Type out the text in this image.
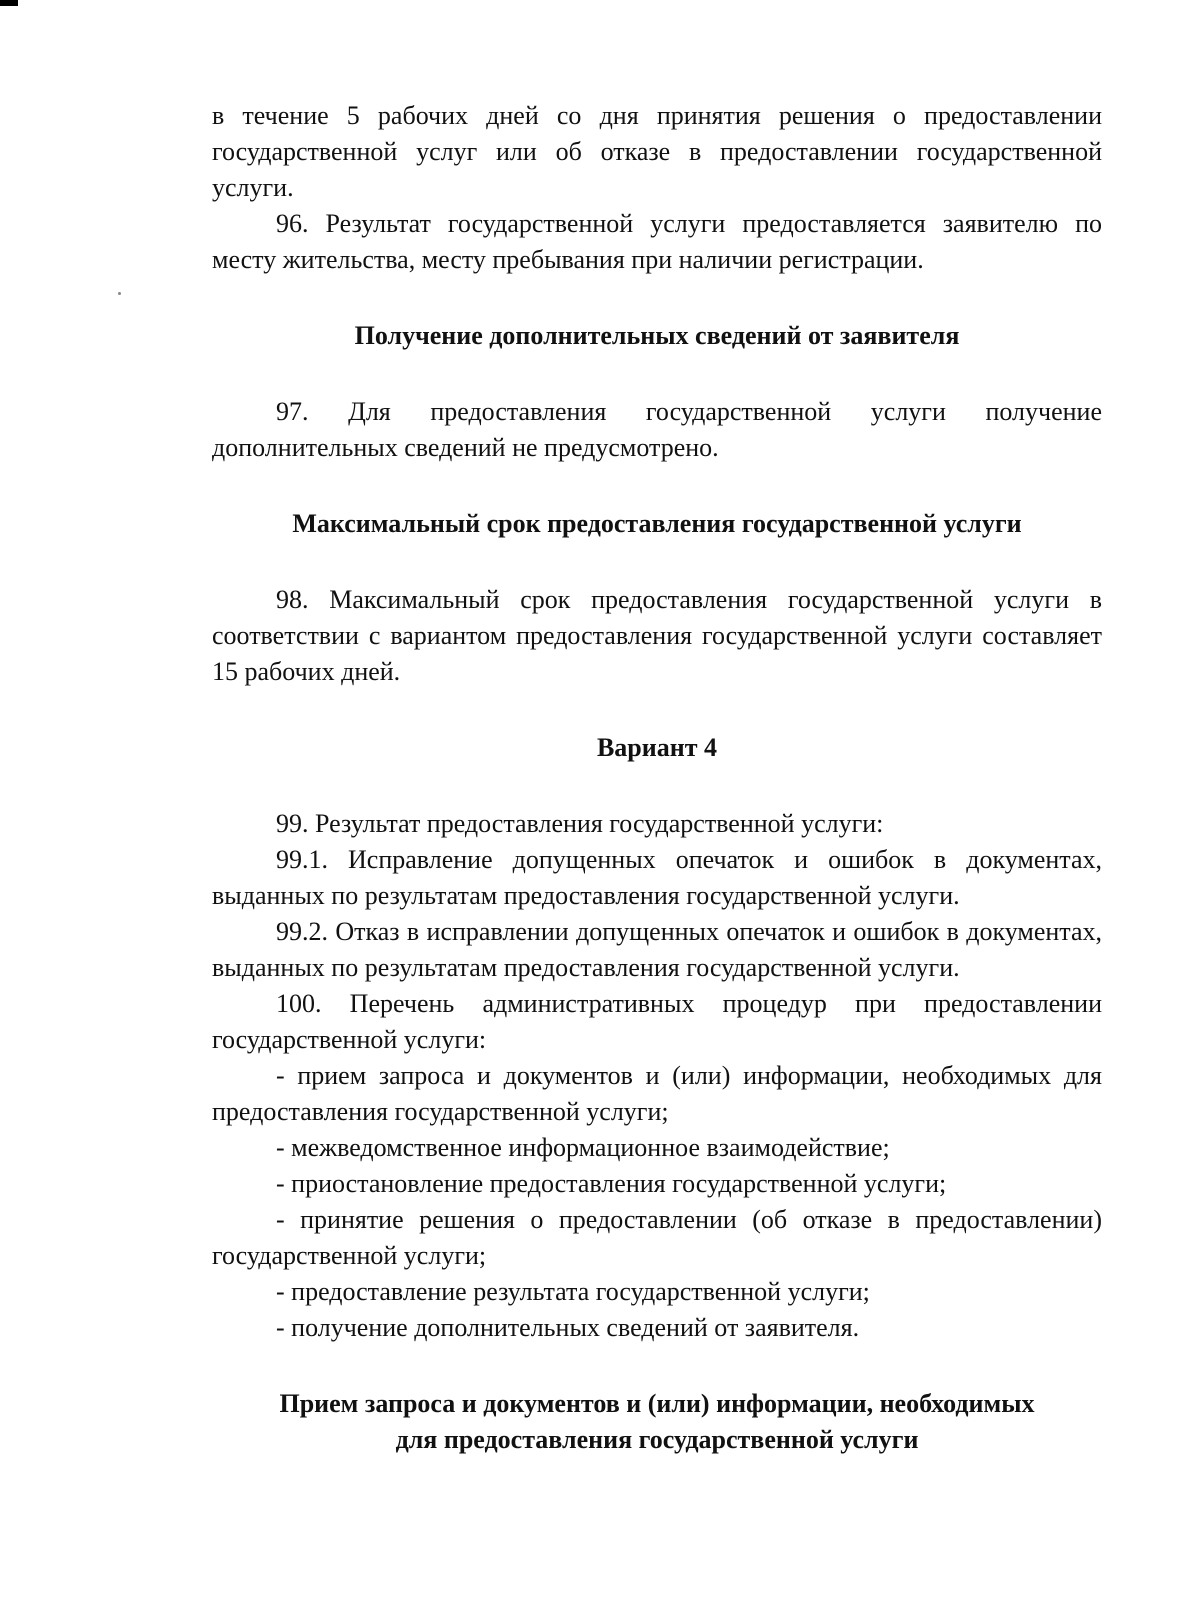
в течение 5 рабочих дней со дня принятия решения о предоставлении государственной услуг или об отказе в предоставлении государственной услуги.

96. Результат государственной услуги предоставляется заявителю по месту жительства, месту пребывания при наличии регистрации.

Получение дополнительных сведений от заявителя

97. Для предоставления государственной услуги получение дополнительных сведений не предусмотрено.

Максимальный срок предоставления государственной услуги

98. Максимальный срок предоставления государственной услуги в соответствии с вариантом предоставления государственной услуги составляет 15 рабочих дней.

Вариант 4

99. Результат предоставления государственной услуги:

99.1. Исправление допущенных опечаток и ошибок в документах, выданных по результатам предоставления государственной услуги.

99.2. Отказ в исправлении допущенных опечаток и ошибок в документах, выданных по результатам предоставления государственной услуги.

100. Перечень административных процедур при предоставлении государственной услуги:

- прием запроса и документов и (или) информации, необходимых для предоставления государственной услуги;

- межведомственное информационное взаимодействие;

- приостановление предоставления государственной услуги;

- принятие решения о предоставлении (об отказе в предоставлении) государственной услуги;

- предоставление результата государственной услуги;

- получение дополнительных сведений от заявителя.

Прием запроса и документов и (или) информации, необходимых
для предоставления государственной услуги
